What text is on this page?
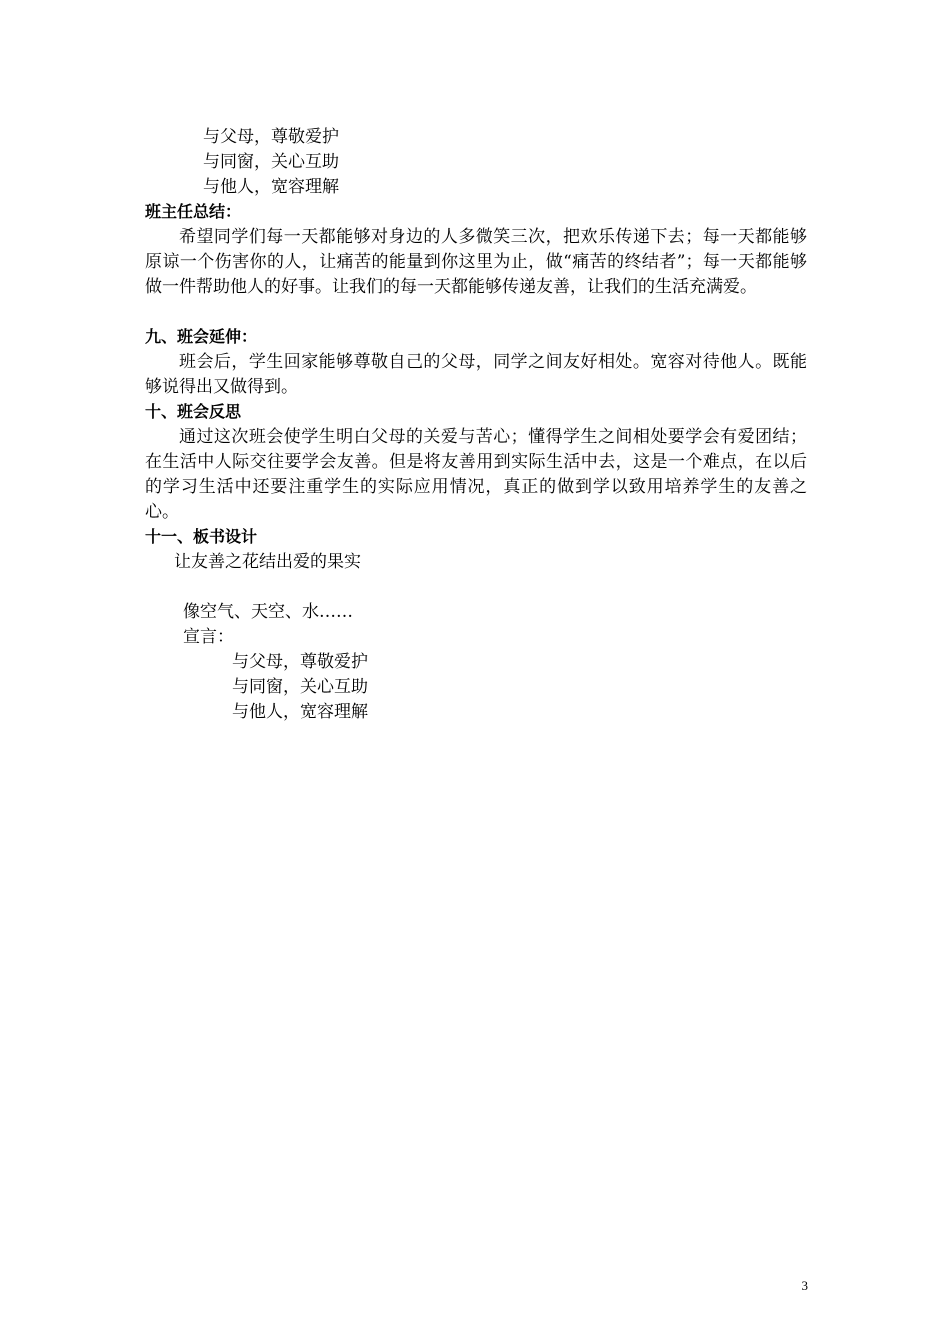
与父母，尊敬爱护
与同窗，关心互助
与他人，宽容理解
班主任总结：

希望同学们每一天都能够对身边的人多微笑三次，把欢乐传递下去；每一天都能够原谅一个伤害你的人，让痛苦的能量到你这里为止，做“痛苦的终结者”；每一天都能够做一件帮助他人的好事。让我们的每一天都能够传递友善，让我们的生活充满爱。

九、班会延伸：

班会后，学生回家能够尊敬自己的父母，同学之间友好相处。宽容对待他人。既能够说得出又做得到。

十、班会反思

通过这次班会使学生明白父母的关爱与苦心；懂得学生之间相处要学会有爱团结；在生活中人际交往要学会友善。但是将友善用到实际生活中去，这是一个难点，在以后的学习生活中还要注重学生的实际应用情况，真正的做到学以致用培养学生的友善之心。

十一、板书设计
让友善之花结出爱的果实
像空气、天空、水……
宣言：
与父母，尊敬爱护
与同窗，关心互助
与他人，宽容理解
3
